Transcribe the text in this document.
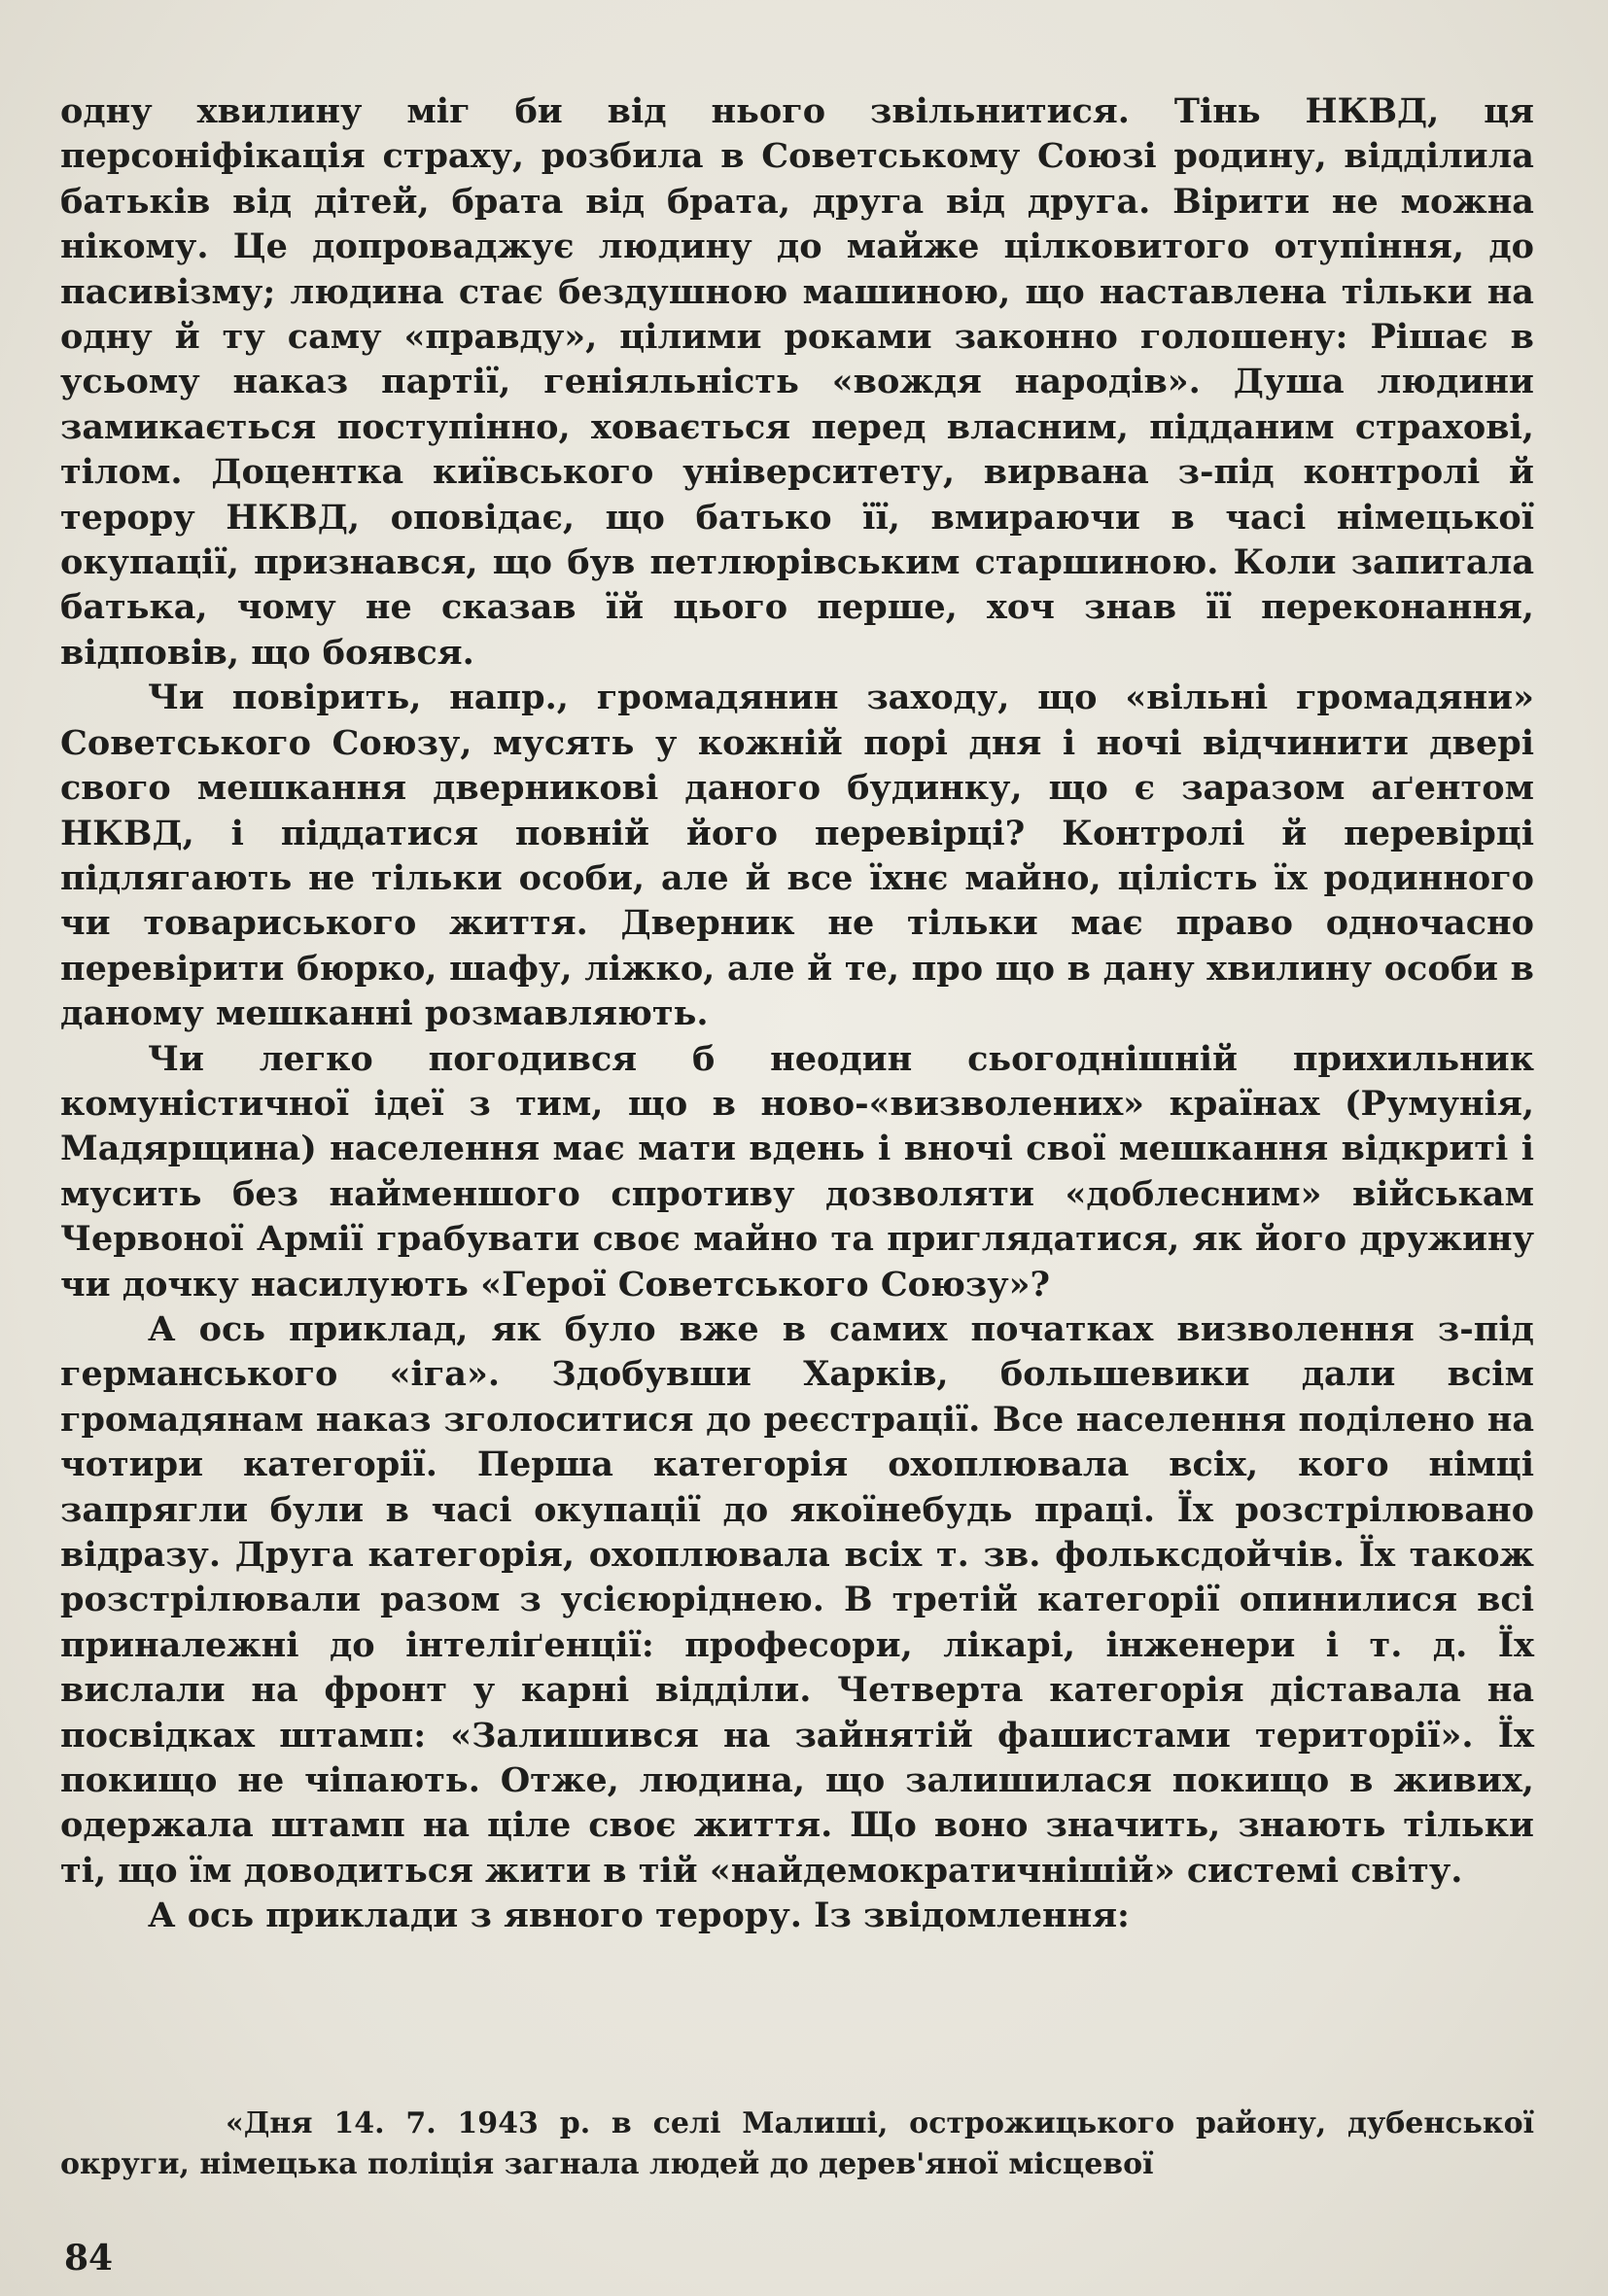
одну хвилину міг би від нього звільнитися. Тінь НКВД, ця персоніфікація страху, розбила в Советському Союзі родину, відділила батьків від дітей, брата від брата, друга від друга. Вірити не можна нікому. Це допроваджує людину до майже цілковитого отупіння, до пасивізму; людина стає бездушною машиною, що наставлена тільки на одну й ту саму «правду», цілими роками законно голошену: Рішає в усьому наказ партії, геніяльність «вождя народів». Душа людини замикається поступінно, ховається перед власним, підданим страхові, тілом. Доцентка київського університету, вирвана з-під контролі й терору НКВД, оповідає, що батько її, вмираючи в часі німецької окупації, признався, що був петлюрівським старшиною. Коли запитала батька, чому не сказав їй цього перше, хоч знав її переконання, відповів, що боявся.

Чи повірить, напр., громадянин заходу, що «вільні громадяни» Советського Союзу, мусять у кожній порі дня і ночі відчинити двері свого мешкання дверникові даного будинку, що є заразом аґентом НКВД, і піддатися повній його перевірці? Контролі й перевірці підлягають не тільки особи, але й все їхнє майно, цілість їх родинного чи товариського життя. Дверник не тільки має право одночасно перевірити бюрко, шафу, ліжко, але й те, про що в дану хвилину особи в даному мешканні розмавляють.

Чи легко погодився б неодин сьогоднішній прихильник комуністичної ідеї з тим, що в ново-«визволених» країнах (Румунія, Мадярщина) населення має мати вдень і вночі свої мешкання відкриті і мусить без найменшого спротиву дозволяти «доблесним» військам Червоної Армії грабувати своє майно та приглядатися, як його дружину чи дочку насилують «Герої Советського Союзу»?

А ось приклад, як було вже в самих початках визволення з-під германського «іга». Здобувши Харків, большевики дали всім громадянам наказ зголоситися до реєстрації. Все населення поділено на чотири категорії. Перша категорія охоплювала всіх, кого німці запрягли були в часі окупації до якоїнебудь праці. Їх розстрілювано відразу. Друга категорія, охоплювала всіх т. зв. фольксдойчів. Їх також розстрілювали разом з усієюріднею. В третій категорії опинилися всі приналежні до інтеліґенції: професори, лікарі, інженери і т. д. Їх вислали на фронт у карні відділи. Четверта категорія діставала на посвідках штамп: «Залишився на зайнятій фашистами території». Їх покищо не чіпають. Отже, людина, що залишилася покищо в живих, одержала штамп на ціле своє життя. Що воно значить, знають тільки ті, що їм доводиться жити в тій «найдемократичнішій» системі світу.

А ось приклади з явного терору. Із звідомлення:

«Дня 14. 7. 1943 р. в селі Малиші, острожицького району, дубенської округи, німецька поліція загнала людей до дерев'яної місцевої

84
